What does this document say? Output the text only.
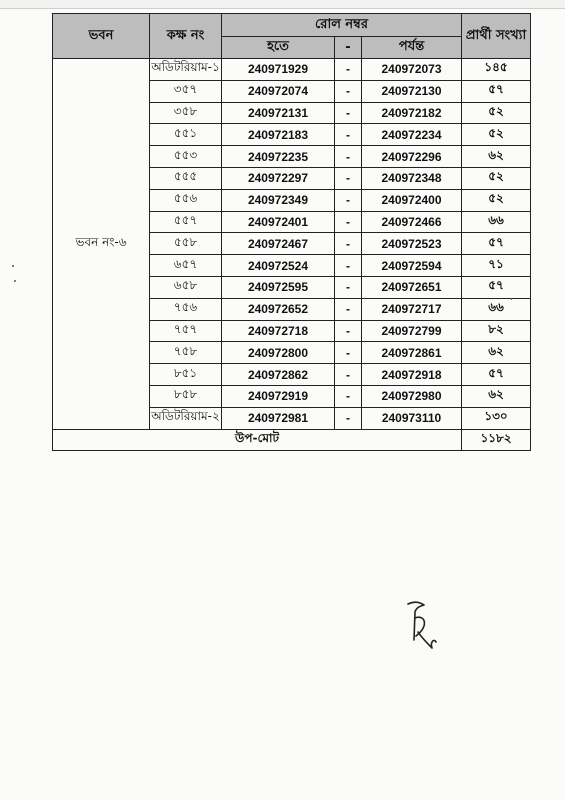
ভবন	কক্ষ নং	রোল নম্বর			প্রার্থী সংখ্যা
		হতে	-	পর্যন্ত	
ভবন নং-৬	অডিটরিয়াম-১	240971929	-	240972073	১৪৫
	৩৫৭	240972074	-	240972130	৫৭
	৩৫৮	240972131	-	240972182	৫২
	৫৫১	240972183	-	240972234	৫২
	৫৫৩	240972235	-	240972296	৬২
	৫৫৫	240972297	-	240972348	৫২
	৫৫৬	240972349	-	240972400	৫২
	৫৫৭	240972401	-	240972466	৬৬
	৫৫৮	240972467	-	240972523	৫৭
	৬৫৭	240972524	-	240972594	৭১
	৬৫৮	240972595	-	240972651	৫৭
	৭৫৬	240972652	-	240972717	৬৬
	৭৫৭	240972718	-	240972799	৮২
	৭৫৮	240972800	-	240972861	৬২
	৮৫১	240972862	-	240972918	৫৭
	৮৫৮	240972919	-	240972980	৬২
	অডিটরিয়াম-২	240972981	-	240973110	১৩০
উপ-মোট					১১৮২
